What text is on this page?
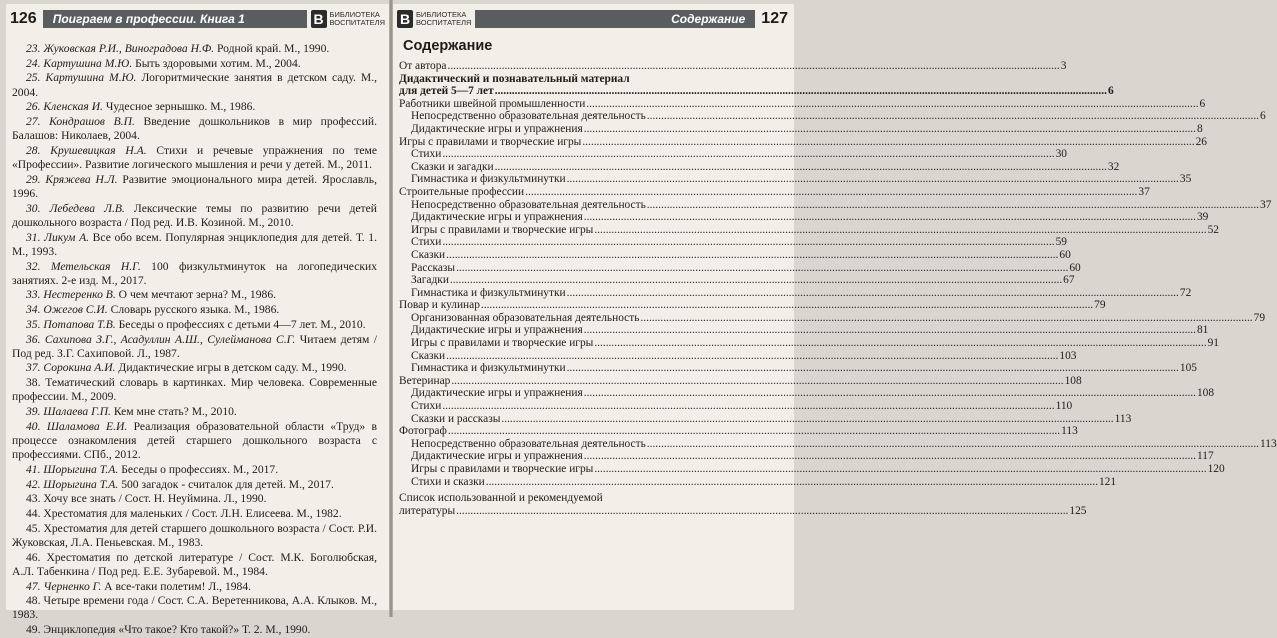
126 Поиграем в профессии. Книга 1	В БИБЛИОТЕКА
ВОСПИТАТЕЛЯ
23. Жуковская Р.И., Виноградова Н.Ф. Родной край. М., 1990.
24. Картушина М.Ю. Быть здоровыми хотим. М., 2004.
25. Картушина М.Ю. Логоритмические занятия в детском саду. М., 2004.
26. Кленская И. Чудесное зернышко. М., 1986.
27. Кондрашов В.П. Введение дошкольников в мир профессий. Балашов: Николаев, 2004.
28. Крушевицкая Н.А. Стихи и речевые упражнения по теме «Профессии». Развитие логического мышления и речи у детей. М., 2011.
29. Кряжева Н.Л. Развитие эмоционального мира детей. Ярославль, 1996.
30. Лебедева Л.В. Лексические темы по развитию речи детей дошкольного возраста / Под ред. И.В. Козиной. М., 2010.
31. Ликум А. Все обо всем. Популярная энциклопедия для детей. Т. 1. М., 1993.
32. Метельская Н.Г. 100 физкультминуток на логопедических занятиях. 2-е изд. М., 2017.
33. Нестеренко В. О чем мечтают зерна? М., 1986.
34. Ожегов С.И. Словарь русского языка. М., 1986.
35. Потапова Т.В. Беседы о профессиях с детьми 4—7 лет. М., 2010.
36. Сахипова З.Г., Асадуллин А.Ш., Сулейманова С.Г. Читаем детям / Под ред. З.Г. Сахиповой. Л., 1987.
37. Сорокина А.И. Дидактические игры в детском саду. М., 1990.
38. Тематический словарь в картинках. Мир человека. Современные профессии. М., 2009.
39. Шалаева Г.П. Кем мне стать? М., 2010.
40. Шаламова Е.И. Реализация образовательной области «Труд» в процессе ознакомления детей старшего дошкольного возраста с профессиями. СПб., 2012.
41. Шорыгина Т.А. Беседы о профессиях. М., 2017.
42. Шорыгина Т.А. 500 загадок - считалок для детей. М., 2017.
43. Хочу все знать / Сост. Н. Неуймина. Л., 1990.
44. Хрестоматия для маленьких / Сост. Л.Н. Елисеева. М., 1982.
45. Хрестоматия для детей старшего дошкольного возраста / Сост. Р.И. Жуковская, Л.А. Пеньевская. М., 1983.
46. Хрестоматия по детской литературе / Сост. М.К. Боголюбская, А.Л. Табенкина / Под ред. Е.Е. Зубаревой. М., 1984.
47. Черненко Г. А все-таки полетим! Л., 1984.
48. Четыре времени года / Сост. С.А. Веретенникова, А.А. Клыков. М., 1983.
49. Энциклопедия «Что такое? Кто такой?» Т. 2. М., 1990.
В БИБЛИОТЕКА
ВОСПИТАТЕЛЯ	Содержание 127
Содержание
От автора .....	3
Дидактический и познавательный материал
для детей 5—7 лет .....	6
Работники швейной промышленности .....	6
Непосредственно образовательная деятельность .....	6
Дидактические игры и упражнения .....	8
Игры с правилами и творческие игры .....	26
Стихи .....	30
Сказки и загадки .....	32
Гимнастика и физкультминутки .....	35
Строительные профессии .....	37
Непосредственно образовательная деятельность .....	37
Дидактические игры и упражнения .....	39
Игры с правилами и творческие игры .....	52
Стихи .....	59
Сказки .....	60
Рассказы .....	60
Загадки .....	67
Гимнастика и физкультминутки .....	72
Повар и кулинар .....	79
Организованная образовательная деятельность .....	79
Дидактические игры и упражнения .....	81
Игры с правилами и творческие игры .....	91
Сказки .....	103
Гимнастика и физкультминутки .....	105
Ветеринар .....	108
Дидактические игры и упражнения .....	108
Стихи .....	110
Сказки и рассказы .....	113
Фотограф .....	113
Непосредственно образовательная деятельность .....	113
Дидактические игры и упражнения .....	117
Игры с правилами и творческие игры .....	120
Стихи и сказки .....	121
Список использованной и рекомендуемой
литературы .....	125
